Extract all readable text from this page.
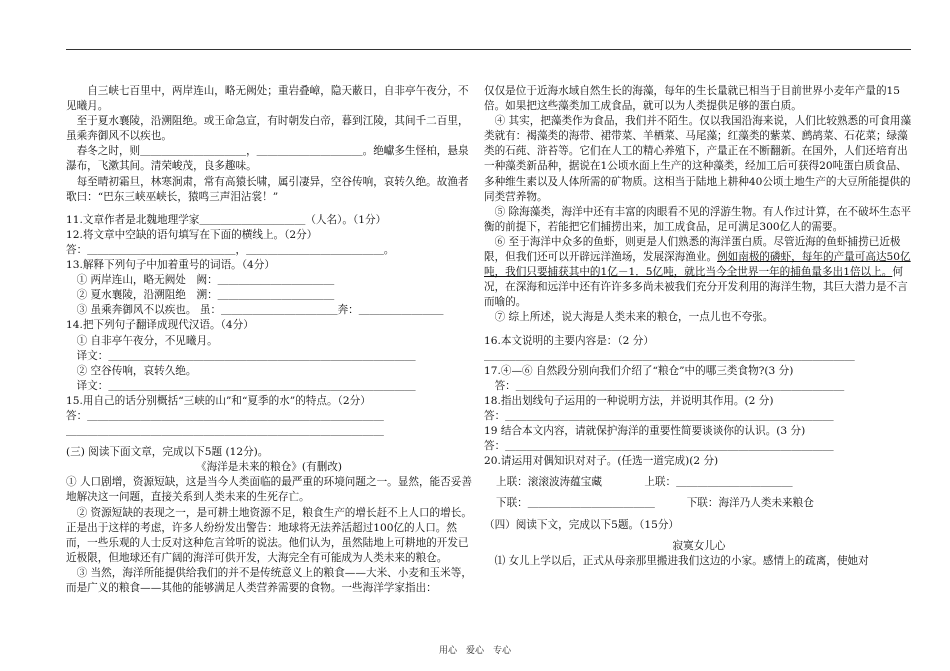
自三峡七百里中，两岸连山，略无阙处；重岩叠嶂，隐天蔽日，自非亭午夜分，不见曦月。

至于夏水襄陵，沿溯阻绝。或王命急宣，有时朝发白帝，暮到江陵，其间千二百里，虽乘奔御风不以疾也。

春冬之时，则＿＿＿＿＿＿＿＿＿＿，＿＿＿＿＿＿＿＿＿＿。绝巘多生怪柏，悬泉瀑布，飞漱其间。清荣峻茂，良多趣味。

每至晴初霜旦，林寒涧肃，常有高猿长啸，属引凄异，空谷传响，哀转久绝。故渔者歌曰：“巴东三峡巫峡长，猿鸣三声泪沾裳！”

11.文章作者是北魏地理学家＿＿＿＿＿＿＿＿＿＿（人名）。（1分）

12.将文章中空缺的语句填写在下面的横线上。（2分）

答：＿＿＿＿＿＿＿＿＿＿＿＿＿＿，＿＿＿＿＿＿＿＿＿＿＿＿＿。

13.解释下列句子中加着重号的词语。（4分）

① 两岸连山，略无阙处　阙：＿＿＿＿＿＿＿＿＿＿＿

② 夏水襄陵，沿溯阻绝　溯：＿＿＿＿＿＿＿＿＿＿＿

③ 虽乘奔御风不以疾也。 虽：＿＿＿＿＿＿＿＿＿＿＿奔：＿＿＿＿＿＿＿＿

14.把下列句子翻译成现代汉语。（4分）

① 自非亭午夜分，不见曦月。

译文：＿＿＿＿＿＿＿＿＿＿＿＿＿＿＿＿＿＿＿＿＿＿＿＿＿＿＿＿＿

② 空谷传响，哀转久绝。

译文：＿＿＿＿＿＿＿＿＿＿＿＿＿＿＿＿＿＿＿＿＿＿＿＿＿＿＿＿＿

15.用自己的话分别概括“三峡的山”和“夏季的水”的特点。（2分）

答：＿＿＿＿＿＿＿＿＿＿＿＿＿＿＿＿＿＿＿＿＿＿＿＿＿＿＿＿

＿＿＿＿＿＿＿＿＿＿＿＿＿＿＿＿＿＿＿＿＿＿＿＿＿＿＿＿＿＿

(三) 阅读下面文章，完成以下5题 (12分)。

《海洋是未来的粮仓》(有删改)

① 人口剧增，资源短缺，这是当今人类面临的最严重的环境问题之一。显然，能否妥善地解决这一问题，直接关系到人类未来的生死存亡。

② 资源短缺的表现之一，是可耕土地资源不足，粮食生产的增长赶不上人口的增长。正是出于这样的考虑，许多人纷纷发出警告：地球将无法养活超过100亿的人口。然而，一些乐观的人士反对这种危言耸听的说法。他们认为，虽然陆地上可耕地的开发已近极限，但地球还有广阔的海洋可供开发，大海完全有可能成为人类未来的粮仓。

③ 当然，海洋所能提供给我们的并不是传统意义上的粮食——大米、小麦和玉米等，而是广义的粮食——其他的能够满足人类营养需要的食物。一些海洋学家指出：

仅仅是位于近海水域自然生长的海藻，每年的生长量就已相当于目前世界小麦年产量的15倍。如果把这些藻类加工成食品，就可以为人类提供足够的蛋白质。

④ 其实，把藻类作为食品，我们并不陌生。仅以我国沿海来说，人们比较熟悉的可食用藻类就有：褐藻类的海带、裙带菜、羊栖菜、马尾藻；红藻类的紫菜、鹧鸪菜、石花菜；绿藻类的石莼、浒苔等。它们在人工的精心养殖下，产量正在不断翻新。在国外，人们还培育出一种藻类新品种，据说在1公顷水面上生产的这种藻类，经加工后可获得20吨蛋白质食品、多种维生素以及人体所需的矿物质。这相当于陆地上耕种40公顷土地生产的大豆所能提供的同类营养物。

⑤ 除海藻类，海洋中还有丰富的肉眼看不见的浮游生物。有人作过计算，在不破坏生态平衡的前提下，若能把它们捕捞出来，加工成食品，足可满足300亿人的需要。

⑥ 至于海洋中众多的鱼虾，则更是人们熟悉的海洋蛋白质。尽管近海的鱼虾捕捞已近极限，但我们还可以开辟远洋渔场，发展深海渔业。例如南极的磷虾，每年的产量可高达50亿吨，我们只要捕获其中的1亿－1．5亿吨，就比当今全世界一年的捕鱼量多出1倍以上。何况，在深海和远洋中还有许许多多尚未被我们充分开发利用的海洋生物，其巨大潜力是不言而喻的。

⑦ 综上所述，说大海是人类未来的粮仓，一点儿也不夸张。

16.本文说明的主要内容是：（2 分）

＿＿＿＿＿＿＿＿＿＿＿＿＿＿＿＿＿＿＿＿＿＿＿＿＿＿＿＿＿＿＿＿＿＿＿

17.④—⑥ 自然段分别向我们介绍了“粮仓”中的哪三类食物?(3 分)

答：＿＿＿＿＿＿＿＿＿＿＿＿＿＿＿＿＿＿＿＿＿＿＿＿＿＿＿＿＿＿＿

18.指出划线句子运用的一种说明方法，并说明其作用。(2 分)

答：＿＿＿＿＿＿＿＿＿＿＿＿＿＿＿＿＿＿＿＿＿＿＿＿＿＿＿＿＿＿＿

19 结合本文内容，请就保护海洋的重要性简要谈谈你的认识。(3 分)

答：＿＿＿＿＿＿＿＿＿＿＿＿＿＿＿＿＿＿＿＿＿＿＿＿＿＿＿＿＿＿＿

20.请运用对偶知识对对子。(任选一道完成)(2 分)

上联：滚滚波涛蕴宝藏
　　　　	上联：＿＿＿＿＿＿＿＿＿＿＿
下联：＿＿＿＿＿＿＿＿＿＿＿＿
　　　	下联：海洋乃人类未来粮仓

（四）阅读下文，完成以下5题。（15分）

寂寞女儿心

⑴ 女儿上学以后，正式从母亲那里搬进我们这边的小家。感情上的疏离，使她对

用心　爱心　专心
